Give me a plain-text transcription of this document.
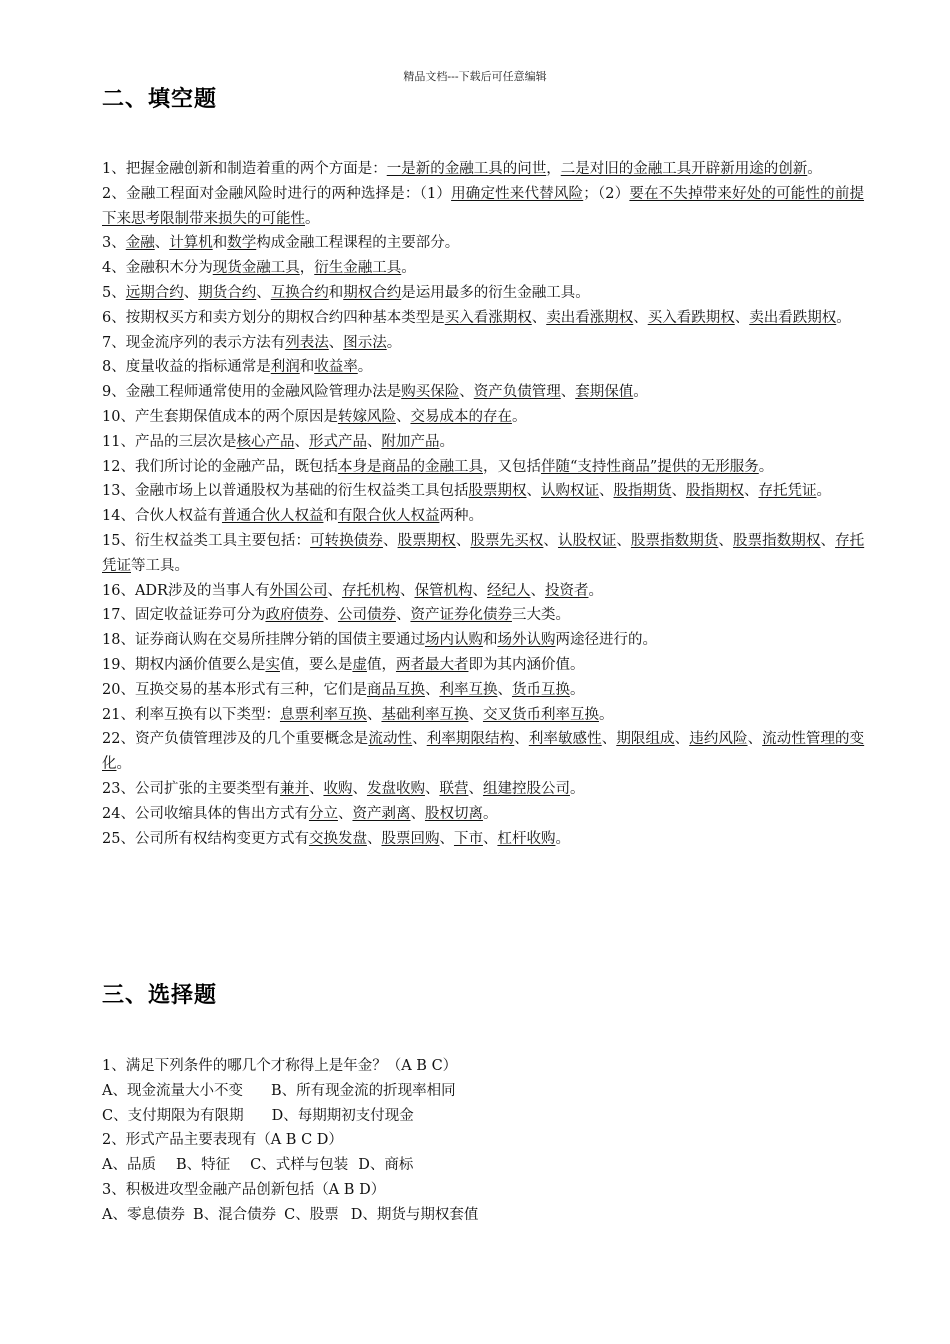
精品文档---下载后可任意编辑
二、填空题

1、把握金融创新和制造着重的两个方面是：一是新的金融工具的问世，二是对旧的金融工具开辟新用途的创新。

2、金融工程面对金融风险时进行的两种选择是：（1）用确定性来代替风险；（2）要在不失掉带来好处的可能性的前提下来思考限制带来损失的可能性。

3、金融、计算机和数学构成金融工程课程的主要部分。

4、金融积木分为现货金融工具，衍生金融工具。

5、远期合约、期货合约、互换合约和期权合约是运用最多的衍生金融工具。

6、按期权买方和卖方划分的期权合约四种基本类型是买入看涨期权、卖出看涨期权、买入看跌期权、卖出看跌期权。

7、现金流序列的表示方法有列表法、图示法。

8、度量收益的指标通常是利润和收益率。

9、金融工程师通常使用的金融风险管理办法是购买保险、资产负债管理、套期保值。

10、产生套期保值成本的两个原因是转嫁风险、交易成本的存在。

11、产品的三层次是核心产品、形式产品、附加产品。

12、我们所讨论的金融产品，既包括本身是商品的金融工具，又包括伴随“支持性商品”提供的无形服务。

13、金融市场上以普通股权为基础的衍生权益类工具包括股票期权、认购权证、股指期货、股指期权、存托凭证。

14、合伙人权益有普通合伙人权益和有限合伙人权益两种。

15、衍生权益类工具主要包括：可转换债券、股票期权、股票先买权、认股权证、股票指数期货、股票指数期权、存托凭证等工具。

16、ADR涉及的当事人有外国公司、存托机构、保管机构、经纪人、投资者。

17、固定收益证券可分为政府债券、公司债券、资产证券化债券三大类。

18、证券商认购在交易所挂牌分销的国债主要通过场内认购和场外认购两途径进行的。

19、期权内涵价值要么是实值，要么是虚值，两者最大者即为其内涵价值。

20、互换交易的基本形式有三种，它们是商品互换、利率互换、货币互换。

21、利率互换有以下类型：息票利率互换、基础利率互换、交叉货币利率互换。

22、资产负债管理涉及的几个重要概念是流动性、利率期限结构、利率敏感性、期限组成、违约风险、流动性管理的变化。

23、公司扩张的主要类型有兼并、收购、发盘收购、联营、组建控股公司。

24、公司收缩具体的售出方式有分立、资产剥离、股权切离。

25、公司所有权结构变更方式有交换发盘、股票回购、下市、杠杆收购。

三、选择题

1、满足下列条件的哪几个才称得上是年金？（A B C）

A、现金流量大小不变 B、所有现金流的折现率相同

C、支付期限为有限期 D、每期期初支付现金

2、形式产品主要表现有（A B C D）

A、品质 B、特征 C、式样与包装 D、商标

3、积极进攻型金融产品创新包括（A B D）

A、零息债券 B、混合债券 C、股票 D、期货与期权套值
